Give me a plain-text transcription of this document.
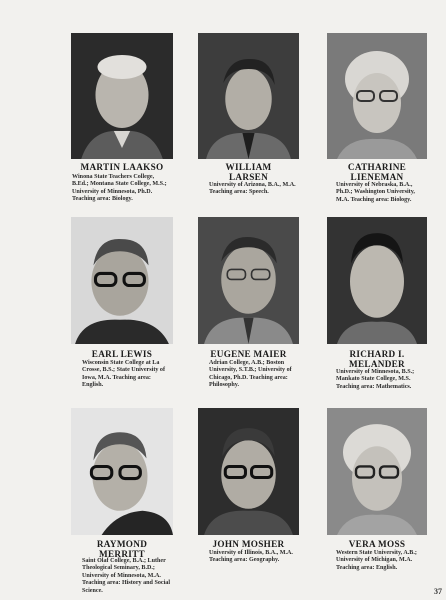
MARTIN LAAKSO
Winona State Teachers College, B.Ed.; Montana State College, M.S.; University of Minnesota, Ph.D. Teaching area: Biology.
WILLIAM
LARSEN
University of Arizona, B.A., M.A. Teaching area: Speech.
CATHARINE
LIENEMAN
University of Nebraska, B.A., Ph.D.; Washington University, M.A. Teaching area: Biology.
EARL LEWIS
Wisconsin State College at La Crosse, B.S.; State University of Iowa, M.A. Teaching area: English.
EUGENE MAIER
Adrian College, A.B.; Boston University, S.T.B.; University of Chicago, Ph.D. Teaching area: Philosophy.
RICHARD I.
MELANDER
University of Minnesota, B.S.; Mankato State College, M.S. Teaching area: Mathematics.
RAYMOND
MERRITT
Saint Olaf College, B.A.; Luther Theological Seminary, B.D.; University of Minnesota, M.A. Teaching area: History and Social Science.
JOHN MOSHER
University of Illinois, B.A., M.A. Teaching area: Geography.
VERA MOSS
Western State University, A.B.; University of Michigan, M.A. Teaching area: English.
37
